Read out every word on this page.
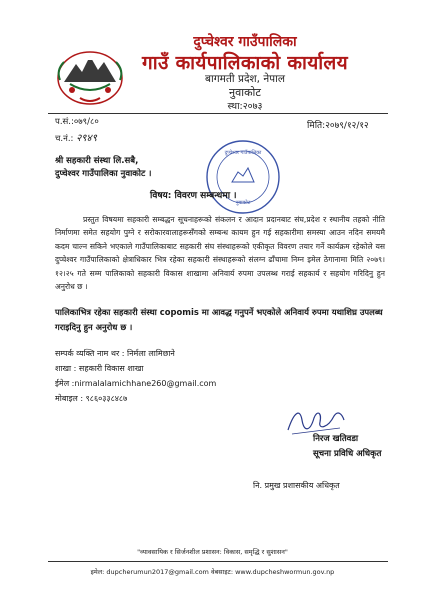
दुप्चेश्वर गाउँपालिका
गाउँ कार्यपालिकाको कार्यालय
बागमती प्रदेश, नेपाल
नुवाकोट
स्था:२०७३
प.सं.:०७९/८०
च.नं.: २९४९
मिति:२०७९/१२/१२
दुप्चेश्वर गाउँपालिका
नुवाकोट
श्री सहकारी संस्था लि.सबै,
दुप्चेश्वर गाउँपालिका नुवाकोट ।
विषय: विवरण सम्बन्धमा ।
प्रस्तुत विषयमा सहकारी सम्बद्धन सूचनाहरूको संकलन र आदान प्रदानबाट संघ,प्रदेश र स्थानीय तहको नीति निर्माणमा समेत सहयोग पुग्ने र सरोकारवालाहरूसँगको सम्बन्ध कायम हुन गई सहकारीमा समस्या आउन नदिन समयमै कदम चाल्न सकिने भएकाले गाउँपालिकाबाट सहकारी संघ संस्थाहरूको एकीकृत विवरण तयार गर्ने कार्यक्रम रहेकोले यस दुप्चेश्वर गाउँपालिकाको क्षेत्राधिकार भित्र रहेका सहकारी संस्थाहरूको संलग्न ढाँचामा निम्न इमेल ठेगानामा मिति २०७९।१२।२५ गते सम्म पालिकाको सहकारी विकास शाखामा अनिवार्य रुपमा उपलब्ध गराई सहकार्य र सहयोग गरिदिनु हुन अनुरोध छ ।
पालिकाभित्र रहेका सहकारी संस्था copomis मा आवद्ध गनुपर्ने भएकोले अनिवार्य रुपमा यथाशिघ्र उपलब्ध गराइदिनु हुन अनुरोध छ ।
सम्पर्क व्यक्ति नाम थर : निर्मला लामिछाने
शाखा : सहकारी विकास शाखा
ईमेल :nirmalalamichhane260@gmail.com
मोबाइल : ९८६०३३८४८७
निरज खतिवडा
सूचना प्रविधि अधिकृत
नि. प्रमुख प्रशासकीय अधिकृत
"व्यावसायिक र सिर्जनशील प्रशासन: विकास, समृद्धि र सुशासन"
इमेल: dupcherumun2017@gmail.com वेबसाइट: www.dupcheshwormun.gov.np
